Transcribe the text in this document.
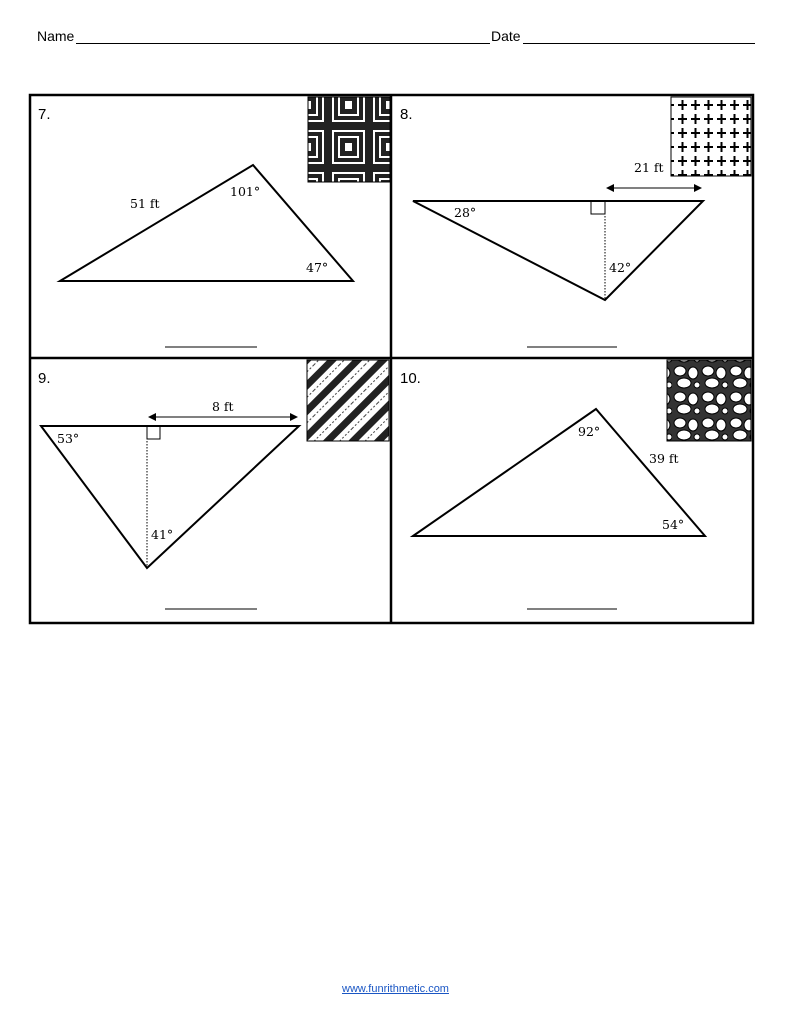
Name	Date
7.
51 ft
101°
47°
8.
21 ft
28°
42°
9.
8 ft
53°
41°
10.
92°
39 ft
54°
www.funrithmetic.com
